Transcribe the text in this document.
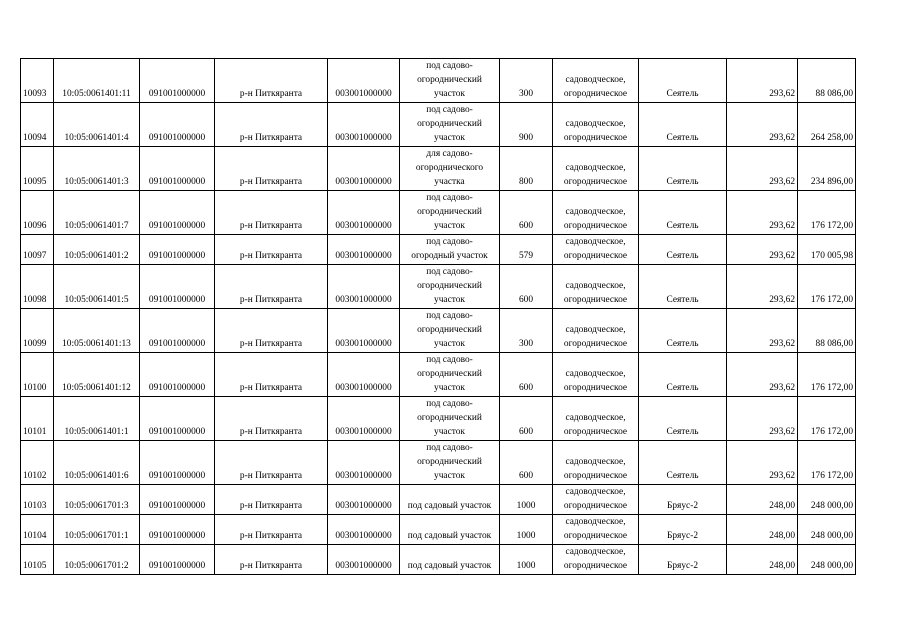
10093	10:05:0061401:11	091001000000	р-н Питкяранта	003001000000	под садово-
огороднический
участок	300	садоводческое,
огородническое	Сеятель	293,62	88 086,00
10094	10:05:0061401:4	091001000000	р-н Питкяранта	003001000000	под садово-
огороднический
участок	900	садоводческое,
огородническое	Сеятель	293,62	264 258,00
10095	10:05:0061401:3	091001000000	р-н Питкяранта	003001000000	для садово-
огороднического
участка	800	садоводческое,
огородническое	Сеятель	293,62	234 896,00
10096	10:05:0061401:7	091001000000	р-н Питкяранта	003001000000	под садово-
огороднический
участок	600	садоводческое,
огородническое	Сеятель	293,62	176 172,00
10097	10:05:0061401:2	091001000000	р-н Питкяранта	003001000000	под садово-
огородный участок	579	садоводческое,
огородническое	Сеятель	293,62	170 005,98
10098	10:05:0061401:5	091001000000	р-н Питкяранта	003001000000	под садово-
огороднический
участок	600	садоводческое,
огородническое	Сеятель	293,62	176 172,00
10099	10:05:0061401:13	091001000000	р-н Питкяранта	003001000000	под садово-
огороднический
участок	300	садоводческое,
огородническое	Сеятель	293,62	88 086,00
10100	10:05:0061401:12	091001000000	р-н Питкяранта	003001000000	под садово-
огороднический
участок	600	садоводческое,
огородническое	Сеятель	293,62	176 172,00
10101	10:05:0061401:1	091001000000	р-н Питкяранта	003001000000	под садово-
огороднический
участок	600	садоводческое,
огородническое	Сеятель	293,62	176 172,00
10102	10:05:0061401:6	091001000000	р-н Питкяранта	003001000000	под садово-
огороднический
участок	600	садоводческое,
огородническое	Сеятель	293,62	176 172,00
10103	10:05:0061701:3	091001000000	р-н Питкяранта	003001000000	под садовый участок	1000	садоводческое,
огородническое	Бряус-2	248,00	248 000,00
10104	10:05:0061701:1	091001000000	р-н Питкяранта	003001000000	под садовый участок	1000	садоводческое,
огородническое	Бряус-2	248,00	248 000,00
10105	10:05:0061701:2	091001000000	р-н Питкяранта	003001000000	под садовый участок	1000	садоводческое,
огородническое	Бряус-2	248,00	248 000,00
